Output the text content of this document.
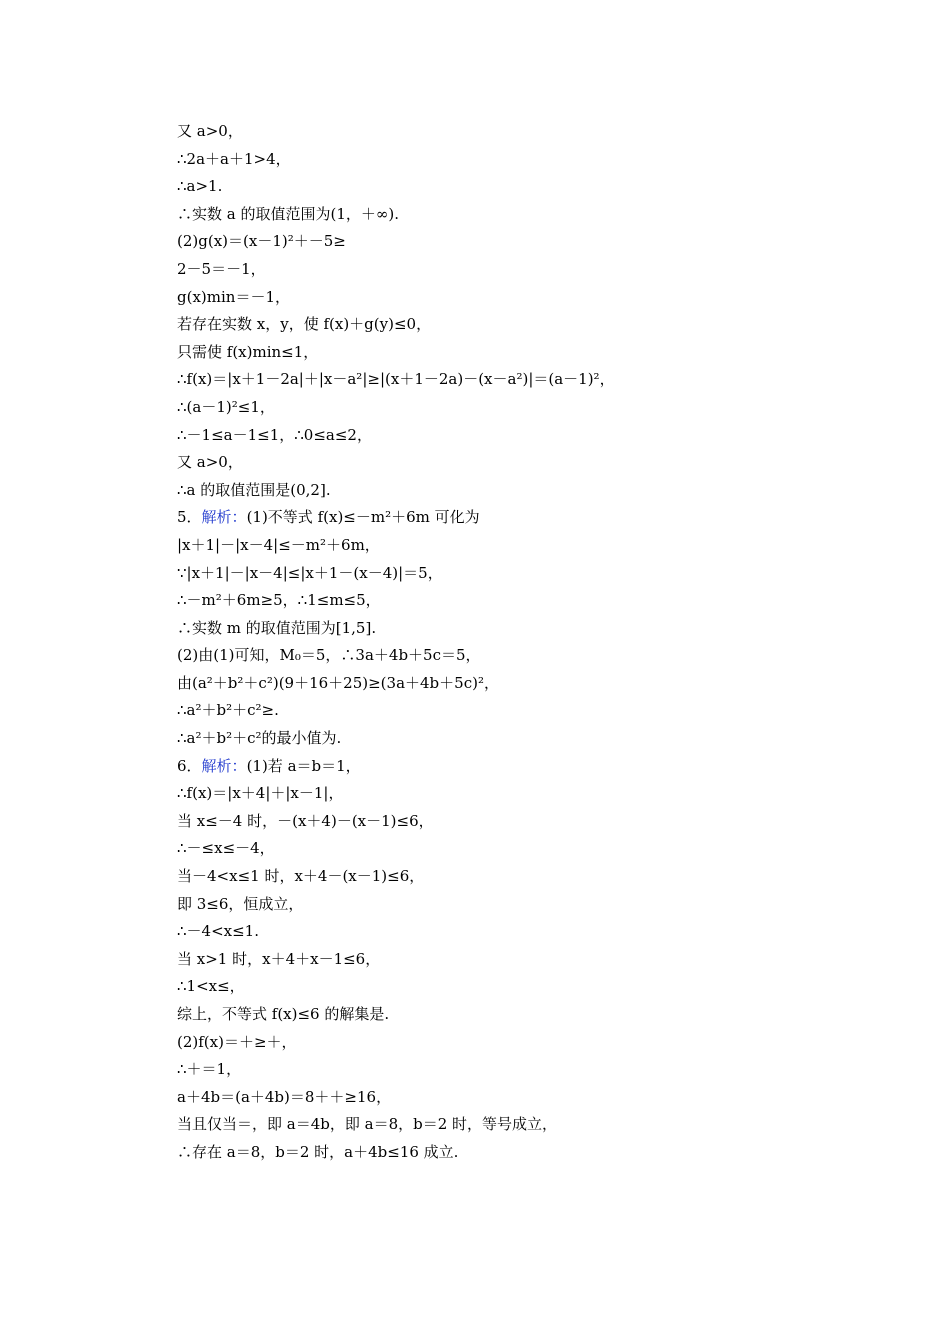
又 a>0，
∴2a＋a＋1>4，
∴a>1.
∴实数 a 的取值范围为(1，＋∞).
(2)g(x)＝(x－1)²＋－5≥
2－5＝－1，
g(x)min＝－1，
若存在实数 x，y，使 f(x)＋g(y)≤0，
只需使 f(x)min≤1，
∴f(x)＝|x＋1－2a|＋|x－a²|≥|(x＋1－2a)－(x－a²)|＝(a－1)²，
∴(a－1)²≤1，
∴－1≤a－1≤1，∴0≤a≤2，
又 a>0，
∴a 的取值范围是(0,2].
5．解析：(1)不等式 f(x)≤－m²＋6m 可化为
|x＋1|－|x－4|≤－m²＋6m，
∵|x＋1|－|x－4|≤|x＋1－(x－4)|＝5，
∴－m²＋6m≥5，∴1≤m≤5，
∴实数 m 的取值范围为[1,5].
(2)由(1)可知，M₀＝5，∴3a＋4b＋5c＝5，
由(a²＋b²＋c²)(9＋16＋25)≥(3a＋4b＋5c)²，
∴a²＋b²＋c²≥.
∴a²＋b²＋c²的最小值为.
6．解析：(1)若 a＝b＝1，
∴f(x)＝|x＋4|＋|x－1|，
当 x≤－4 时，－(x＋4)－(x－1)≤6，
∴－≤x≤－4，
当－4<x≤1 时，x＋4－(x－1)≤6，
即 3≤6，恒成立，
∴－4<x≤1.
当 x>1 时，x＋4＋x－1≤6，
∴1<x≤，
综上，不等式 f(x)≤6 的解集是.
(2)f(x)＝＋≥＋，
∴＋＝1，
a＋4b＝(a＋4b)＝8＋＋≥16，
当且仅当＝，即 a＝4b，即 a＝8，b＝2 时，等号成立，
∴存在 a＝8，b＝2 时，a＋4b≤16 成立.
